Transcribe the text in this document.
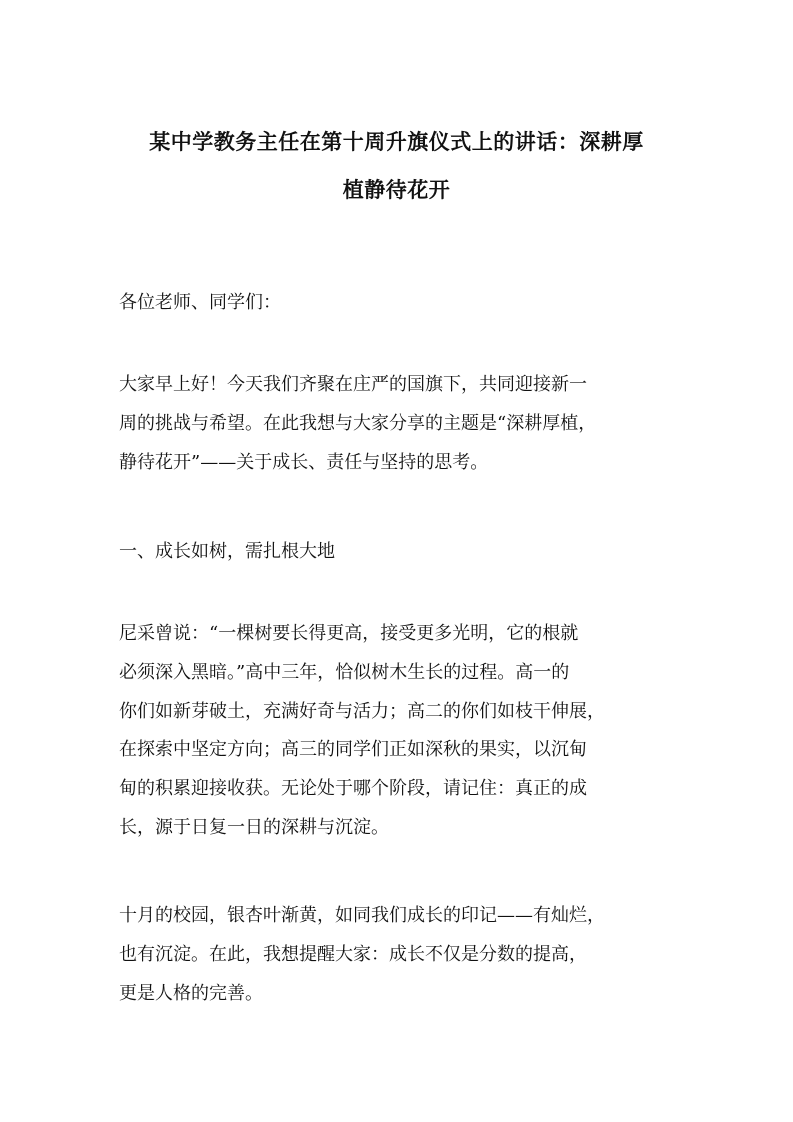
某中学教务主任在第十周升旗仪式上的讲话：深耕厚
植静待花开

各位老师、同学们：

大家早上好！今天我们齐聚在庄严的国旗下，共同迎接新一
周的挑战与希望。在此我想与大家分享的主题是“深耕厚植，
静待花开”——关于成长、责任与坚持的思考。

一、成长如树，需扎根大地

尼采曾说：“一棵树要长得更高，接受更多光明，它的根就
必须深入黑暗。”高中三年，恰似树木生长的过程。高一的
你们如新芽破土，充满好奇与活力；高二的你们如枝干伸展，
在探索中坚定方向；高三的同学们正如深秋的果实，以沉甸
甸的积累迎接收获。无论处于哪个阶段，请记住：真正的成
长，源于日复一日的深耕与沉淀。

十月的校园，银杏叶渐黄，如同我们成长的印记——有灿烂，
也有沉淀。在此，我想提醒大家：成长不仅是分数的提高，
更是人格的完善。
